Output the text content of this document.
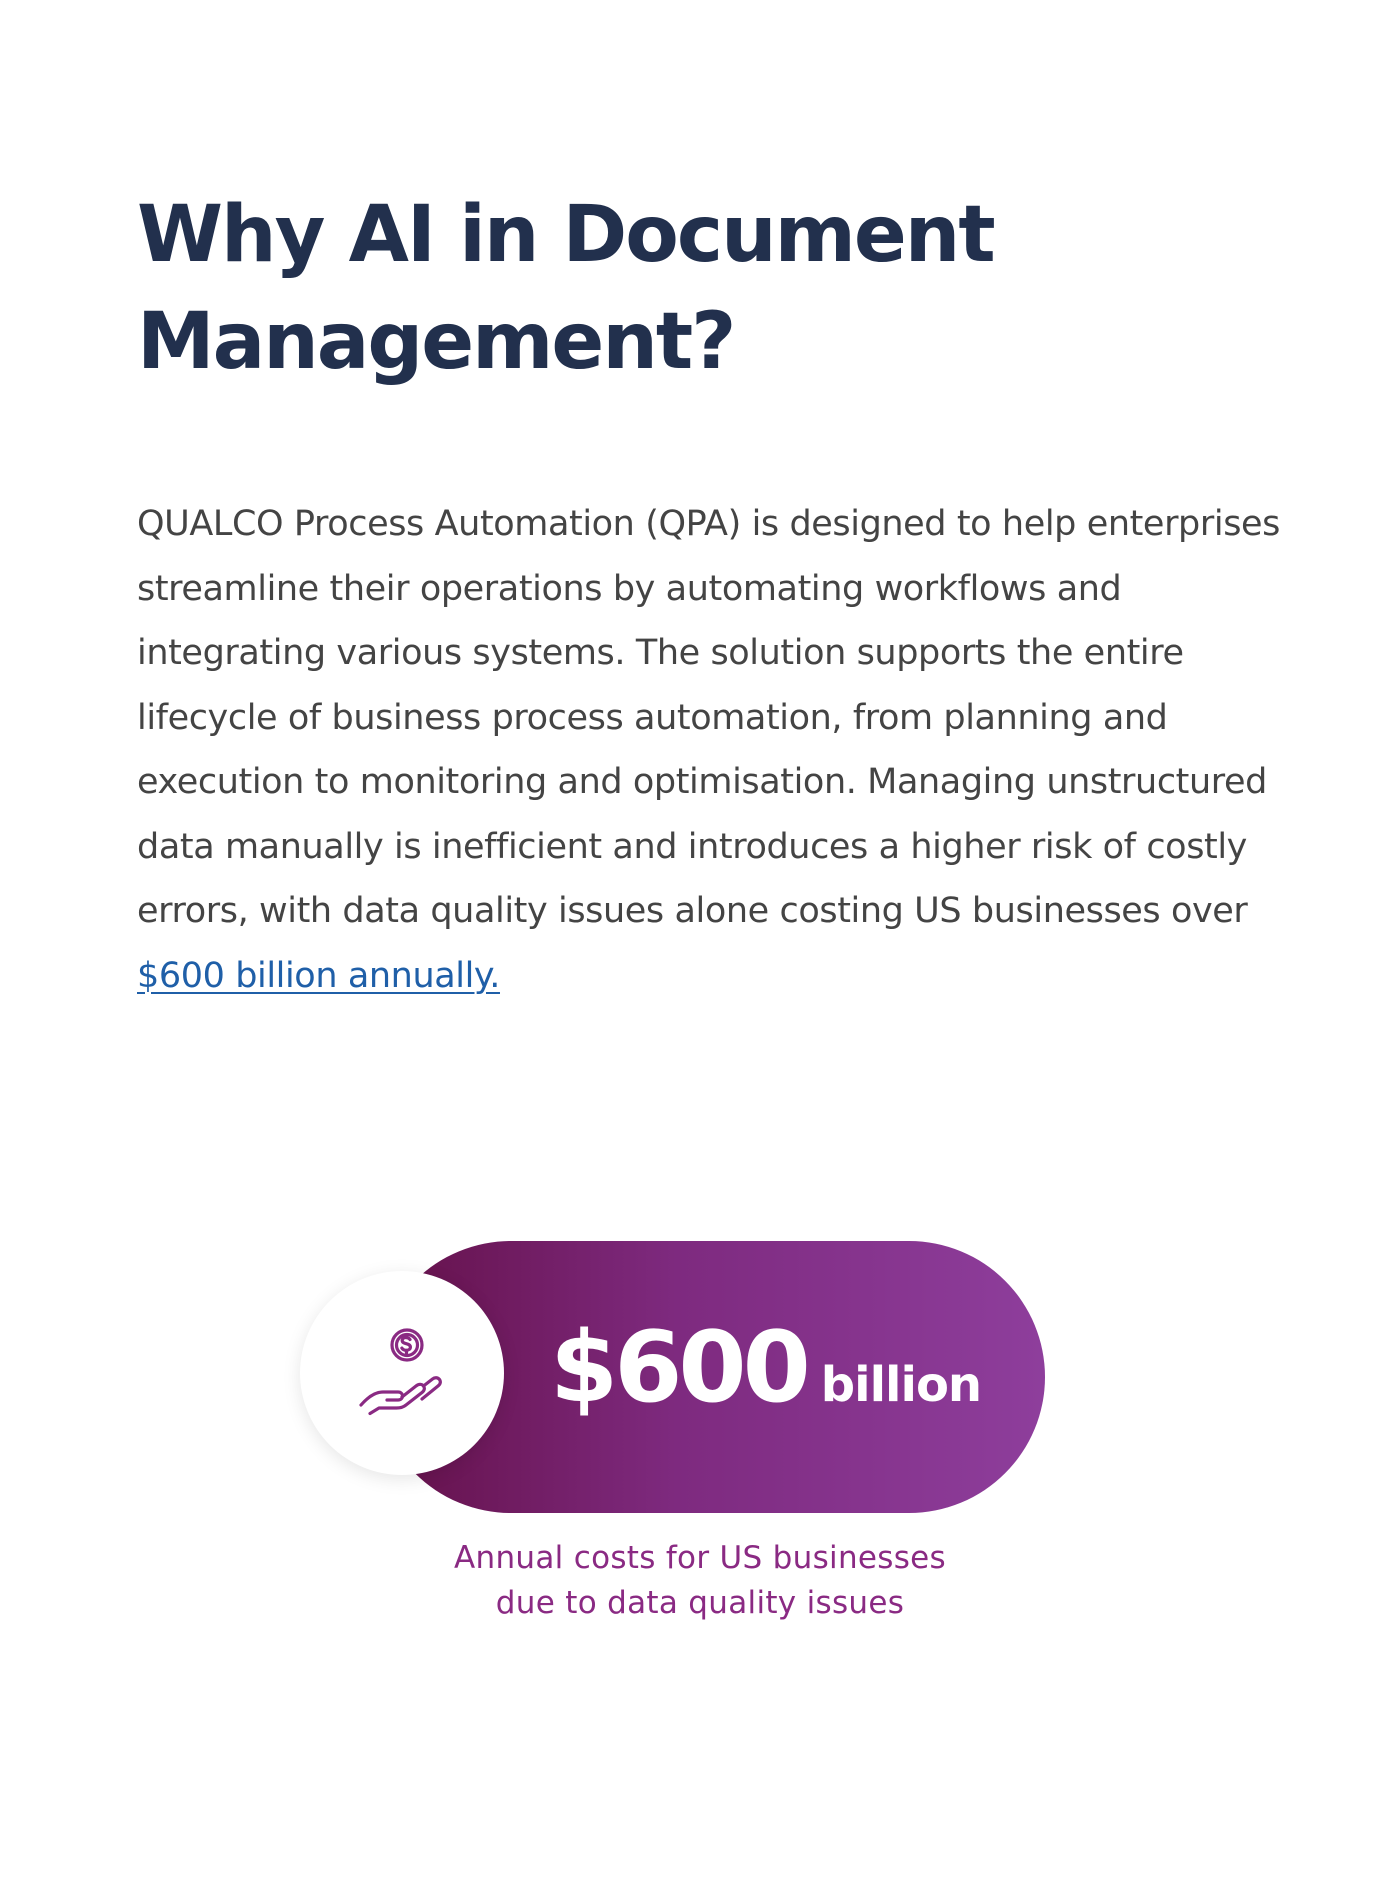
Why AI in Document
Management?

QUALCO Process Automation (QPA) is designed to help enterprises streamline their operations by automating workflows and integrating various systems. The solution supports the entire lifecycle of business process automation, from planning and execution to monitoring and optimisation. Managing unstructured data manually is inefficient and introduces a higher risk of costly errors, with data quality issues alone costing US businesses over $600 billion annually.

$600 billion

Annual costs for US businesses
due to data quality issues
